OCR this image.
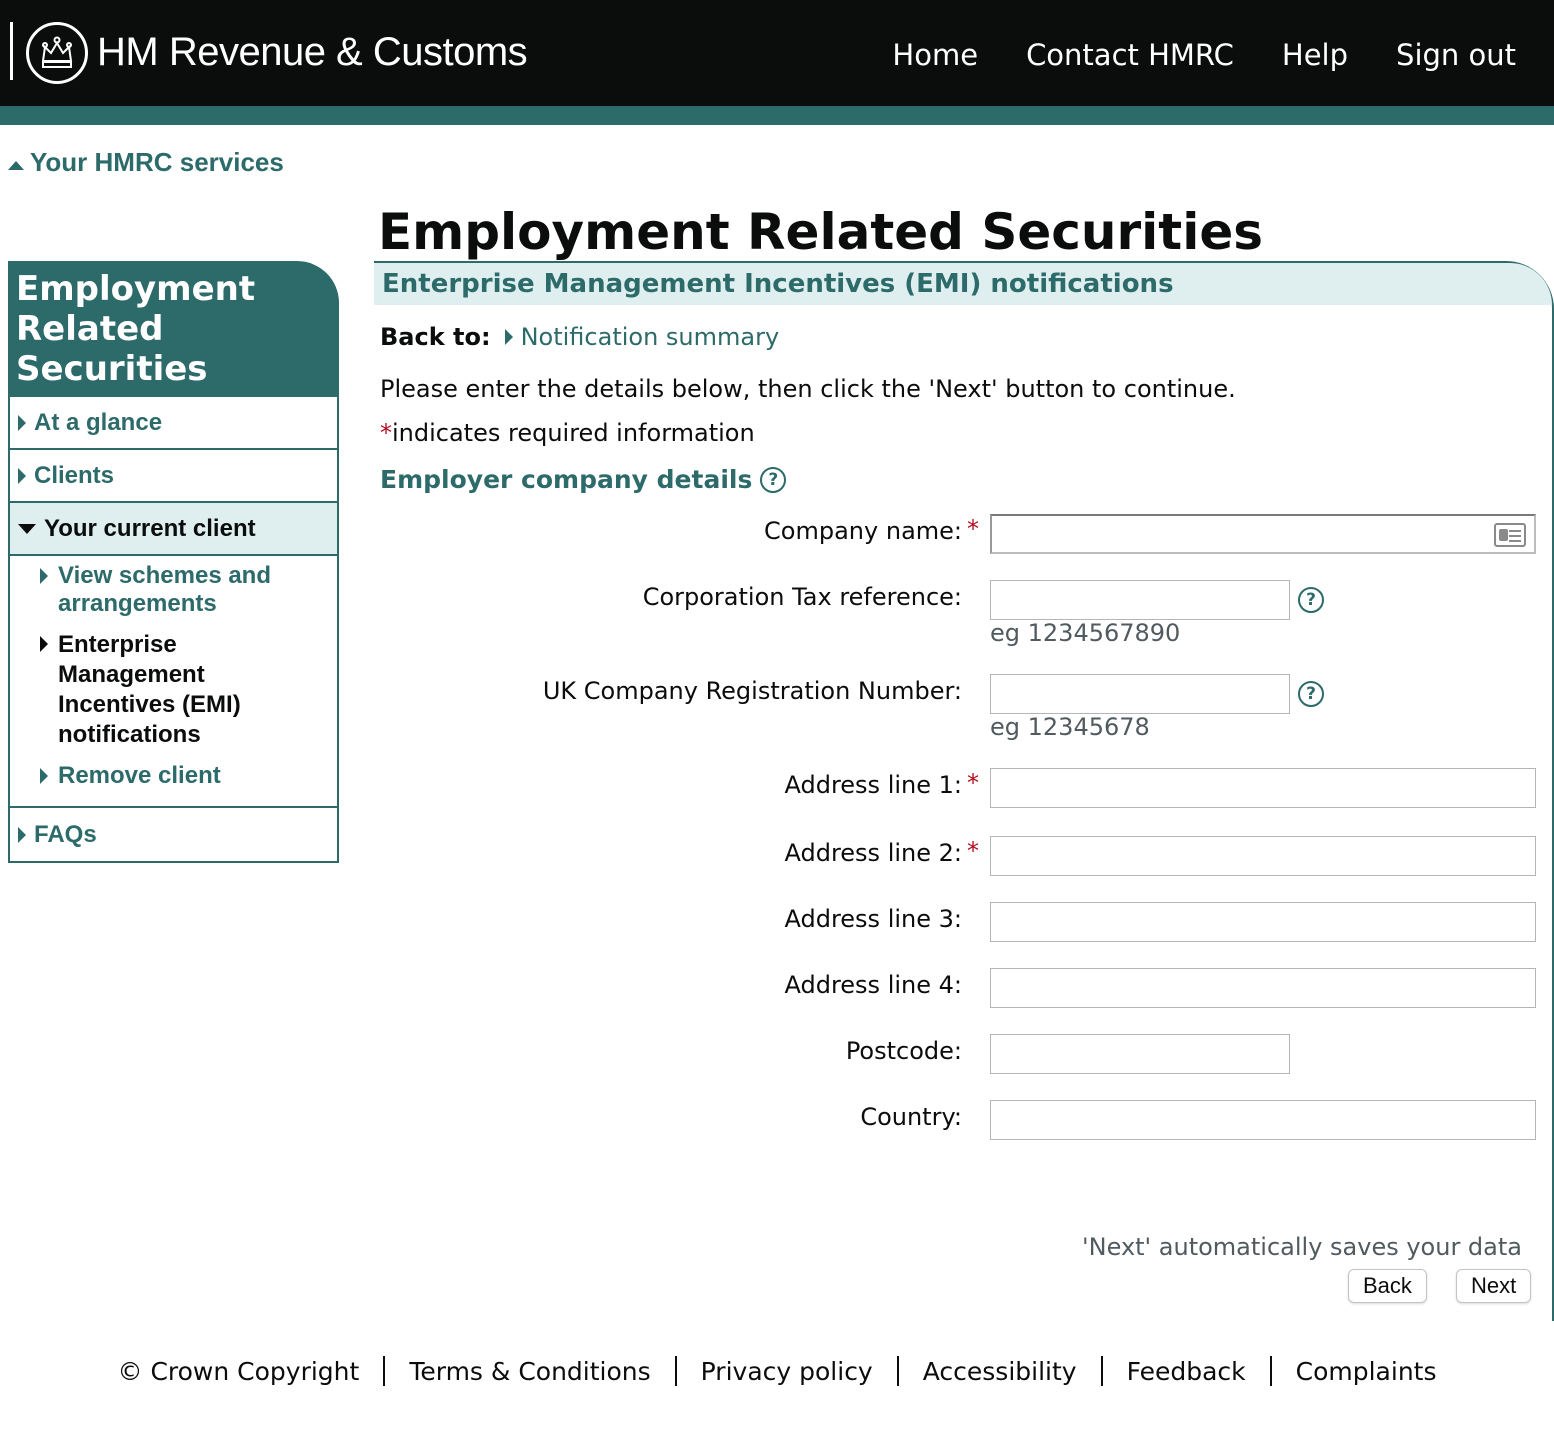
HM Revenue & Customs	Home Contact HMRC Help Sign out
Your HMRC services
Employment Related Securities
At a glance
Clients
Your current client
View schemes and arrangements
Enterprise Management Incentives (EMI) notifications
Remove client
FAQs
Employment Related Securities
Enterprise Management Incentives (EMI) notifications
Back to: Notification summary

Please enter the details below, then click the 'Next' button to continue.

*indicates required information

Employer company details ?
Company name: *
Corporation Tax reference:	?
eg 1234567890
UK Company Registration Number:	?
eg 12345678
Address line 1: *
Address line 2: *
Address line 3:
Address line 4:
Postcode:
Country:
'Next' automatically saves your data
Back	Next
© Crown Copyright	Terms & Conditions	Privacy policy	Accessibility	Feedback	Complaints
